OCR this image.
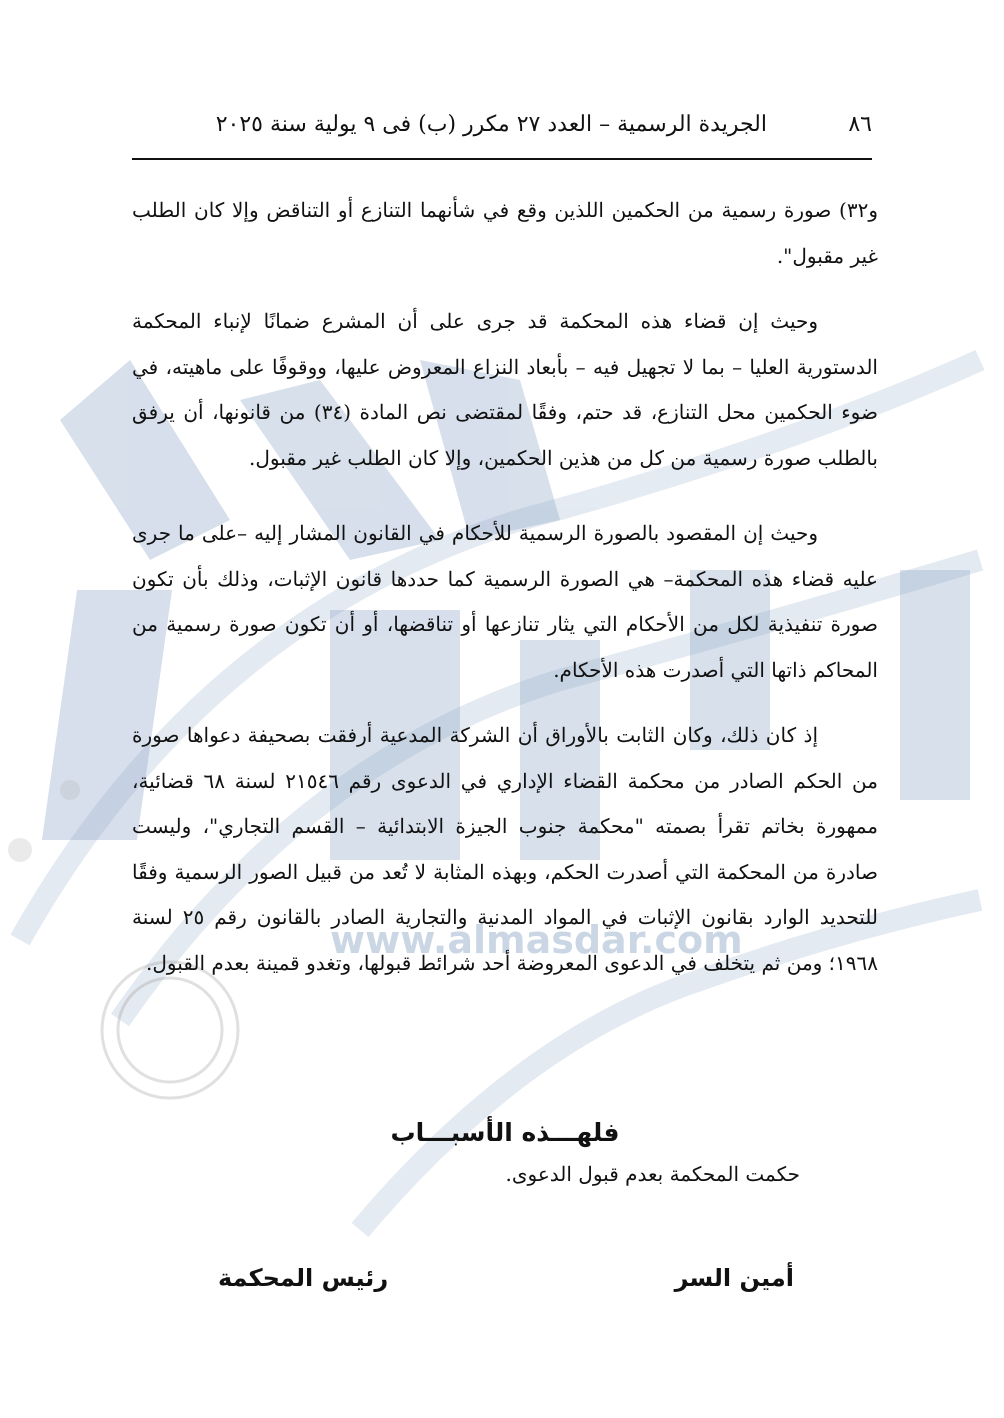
www.almasdar.com
٨٦
الجريدة الرسمية – العدد ٢٧ مكرر (ب) فى ٩ يولية سنة ٢٠٢٥

و٣٢) صورة رسمية من الحكمين اللذين وقع في شأنهما التنازع أو التناقض وإلا كان الطلب غير مقبول".

وحيث إن قضاء هذه المحكمة قد جرى على أن المشرع ضمانًا لإنباء المحكمة الدستورية العليا – بما لا تجهيل فيه – بأبعاد النزاع المعروض عليها، ووقوفًا على ماهيته، في ضوء الحكمين محل التنازع، قد حتم، وفقًا لمقتضى نص المادة (٣٤) من قانونها، أن يرفق بالطلب صورة رسمية من كل من هذين الحكمين، وإلا كان الطلب غير مقبول.

وحيث إن المقصود بالصورة الرسمية للأحكام في القانون المشار إليه –على ما جرى عليه قضاء هذه المحكمة– هي الصورة الرسمية كما حددها قانون الإثبات، وذلك بأن تكون صورة تنفيذية لكل من الأحكام التي يثار تنازعها أو تناقضها، أو أن تكون صورة رسمية من المحاكم ذاتها التي أصدرت هذه الأحكام.

إذ كان ذلك، وكان الثابت بالأوراق أن الشركة المدعية أرفقت بصحيفة دعواها صورة من الحكم الصادر من محكمة القضاء الإداري في الدعوى رقم ٢١٥٤٦ لسنة ٦٨ قضائية، ممهورة بخاتم تقرأ بصمته "محكمة جنوب الجيزة الابتدائية – القسم التجاري"، وليست صادرة من المحكمة التي أصدرت الحكم، وبهذه المثابة لا تُعد من قبيل الصور الرسمية وفقًا للتحديد الوارد بقانون الإثبات في المواد المدنية والتجارية الصادر بالقانون رقم ٢٥ لسنة ١٩٦٨؛ ومن ثم يتخلف في الدعوى المعروضة أحد شرائط قبولها، وتغدو قمينة بعدم القبول.

فلهـــذه الأسبـــاب
حكمت المحكمة بعدم قبول الدعوى.
أمين السر
رئيس المحكمة
